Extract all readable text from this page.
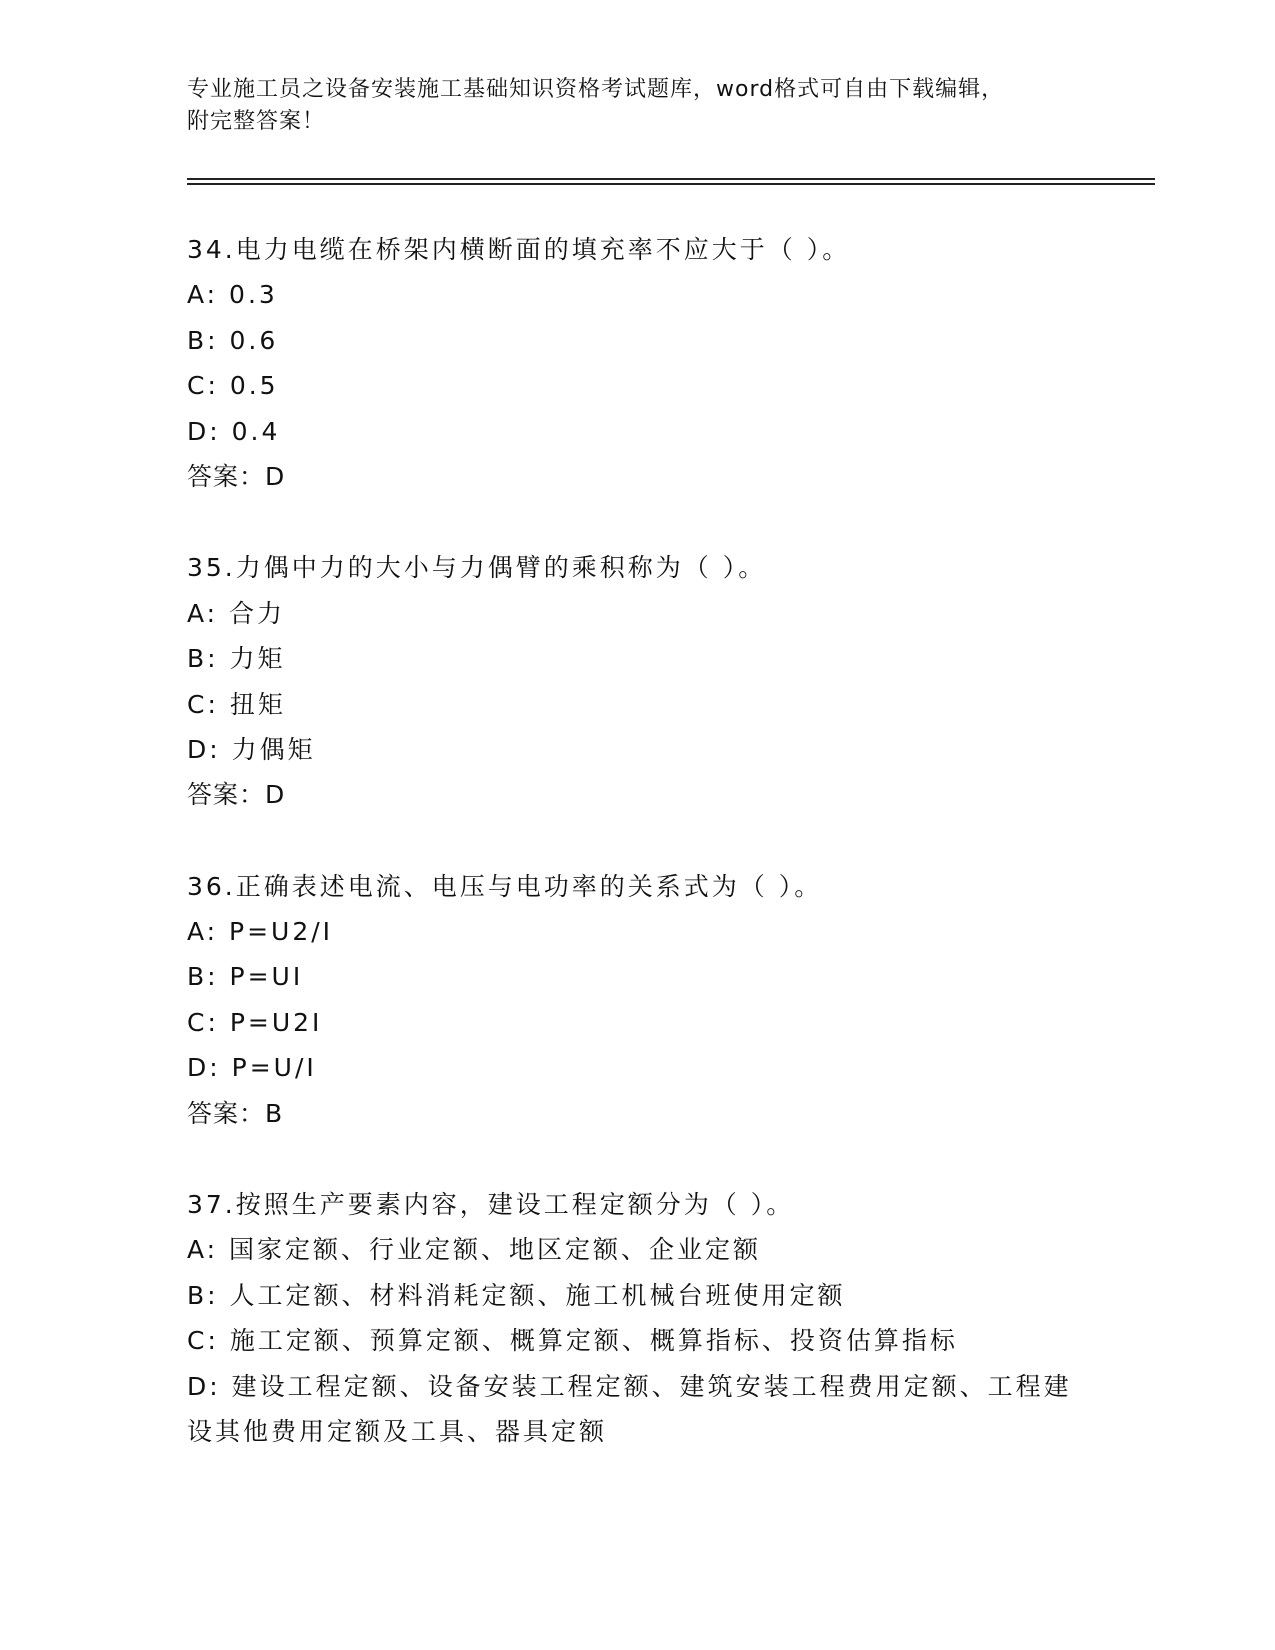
专业施工员之设备安装施工基础知识资格考试题库，word格式可自由下载编辑，
附完整答案！
34.电力电缆在桥架内横断面的填充率不应大于（ ）。
A: 0.3
B: 0.6
C: 0.5
D: 0.4
答案：D
35.力偶中力的大小与力偶臂的乘积称为（ ）。
A: 合力
B: 力矩
C: 扭矩
D: 力偶矩
答案：D
36.正确表述电流、电压与电功率的关系式为（ ）。
A: P=U2/I
B: P=UI
C: P=U2I
D: P=U/I
答案：B
37.按照生产要素内容，建设工程定额分为（ ）。
A: 国家定额、行业定额、地区定额、企业定额
B: 人工定额、材料消耗定额、施工机械台班使用定额
C: 施工定额、预算定额、概算定额、概算指标、投资估算指标
D: 建设工程定额、设备安装工程定额、建筑安装工程费用定额、工程建设其他费用定额及工具、器具定额
